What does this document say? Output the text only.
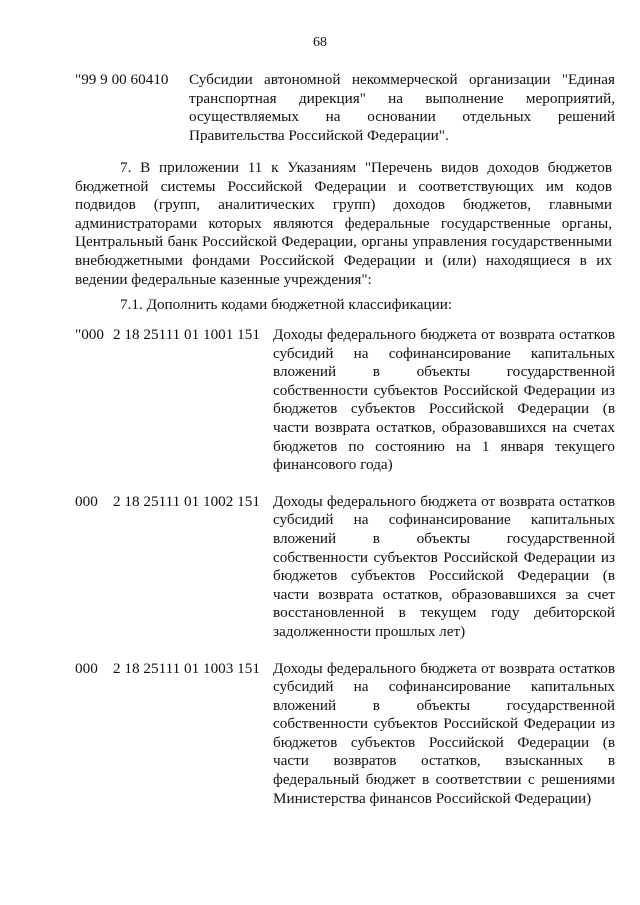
68
"99 9 00 60410	Субсидии автономной некоммерческой организации "Единая транспортная дирекция" на выполнение мероприятий, осуществляемых на основании отдельных решений Правительства Российской Федерации".

7. В приложении 11 к Указаниям "Перечень видов доходов бюджетов бюджетной системы Российской Федерации и соответствующих им кодов подвидов (групп, аналитических групп) доходов бюджетов, главными администраторами которых являются федеральные государственные органы, Центральный банк Российской Федерации, органы управления государственными внебюджетными фондами Российской Федерации и (или) находящиеся в их ведении федеральные казенные учреждения":

7.1. Дополнить кодами бюджетной классификации:

"000 2 18 25111 01 1001 151 Доходы федерального бюджета от возврата остатков субсидий на софинансирование капитальных вложений в объекты государственной собственности субъектов Российской Федерации из бюджетов субъектов Российской Федерации (в части возврата остатков, образовавшихся на счетах бюджетов по состоянию на 1 января текущего финансового года)
000	2 18 25111 01 1002 151 Доходы федерального бюджета от возврата остатков субсидий на софинансирование капитальных вложений в объекты государственной собственности субъектов Российской Федерации из бюджетов субъектов Российской Федерации (в части возврата остатков, образовавшихся за счет восстановленной в текущем году дебиторской задолженности прошлых лет)
000	2 18 25111 01 1003 151 Доходы федерального бюджета от возврата остатков субсидий на софинансирование капитальных вложений в объекты государственной собственности субъектов Российской Федерации из бюджетов субъектов Российской Федерации (в части возвратов остатков, взысканных в федеральный бюджет в соответствии с решениями Министерства финансов Российской Федерации)
